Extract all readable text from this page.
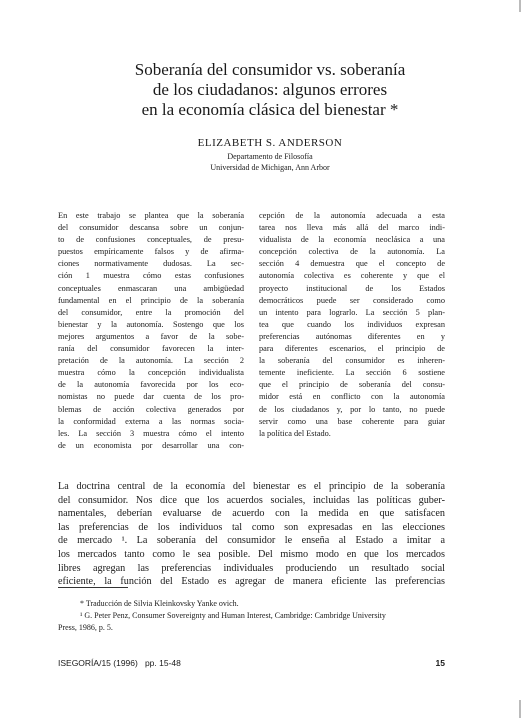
Soberanía del consumidor vs. soberanía
de los ciudadanos: algunos errores
en la economía clásica del bienestar *
ELIZABETH S. ANDERSON
Departamento de Filosofía
Universidad de Michigan, Ann Arbor
En este trabajo se plantea que la soberanía
del consumidor descansa sobre un conjun-
to de confusiones conceptuales, de presu-
puestos empíricamente falsos y de afirma-
ciones normativamente dudosas. La sec-
ción 1 muestra cómo estas confusiones
conceptuales enmascaran una ambigüedad
fundamental en el principio de la soberanía
del consumidor, entre la promoción del
bienestar y la autonomía. Sostengo que los
mejores argumentos a favor de la sobe-
ranía del consumidor favorecen la inter-
pretación de la autonomía. La sección 2
muestra cómo la concepción individualista
de la autonomía favorecida por los eco-
nomistas no puede dar cuenta de los pro-
blemas de acción colectiva generados por
la conformidad externa a las normas socia-
les. La sección 3 muestra cómo el intento
de un economista por desarrollar una con-
cepción de la autonomía adecuada a esta
tarea nos lleva más allá del marco indi-
vidualista de la economía neoclásica a una
concepción colectiva de la autonomía. La
sección 4 demuestra que el concepto de
autonomía colectiva es coherente y que el
proyecto institucional de los Estados
democráticos puede ser considerado como
un intento para lograrlo. La sección 5 plan-
tea que cuando los individuos expresan
preferencias autónomas diferentes en y
para diferentes escenarios, el principio de
la soberanía del consumidor es inheren-
temente ineficiente. La sección 6 sostiene
que el principio de soberanía del consu-
midor está en conflicto con la autonomía
de los ciudadanos y, por lo tanto, no puede
servir como una base coherente para guiar
la política del Estado.
La doctrina central de la economía del bienestar es el principio de la soberanía
del consumidor. Nos dice que los acuerdos sociales, incluidas las políticas guber-
namentales, deberían evaluarse de acuerdo con la medida en que satisfacen
las preferencias de los individuos tal como son expresadas en las elecciones
de mercado ¹. La soberanía del consumidor le enseña al Estado a imitar a
los mercados tanto como le sea posible. Del mismo modo en que los mercados
libres agregan las preferencias individuales produciendo un resultado social
eficiente, la función del Estado es agregar de manera eficiente las preferencias
* Traducción de Silvia Kleinkovsky Yanke ovich.
¹ G. Peter Penz, Consumer Sovereignty and Human Interest, Cambridge: Cambridge University
Press, 1986, p. 5.
ISEGORÍA/15 (1996) pp. 15-48	15
